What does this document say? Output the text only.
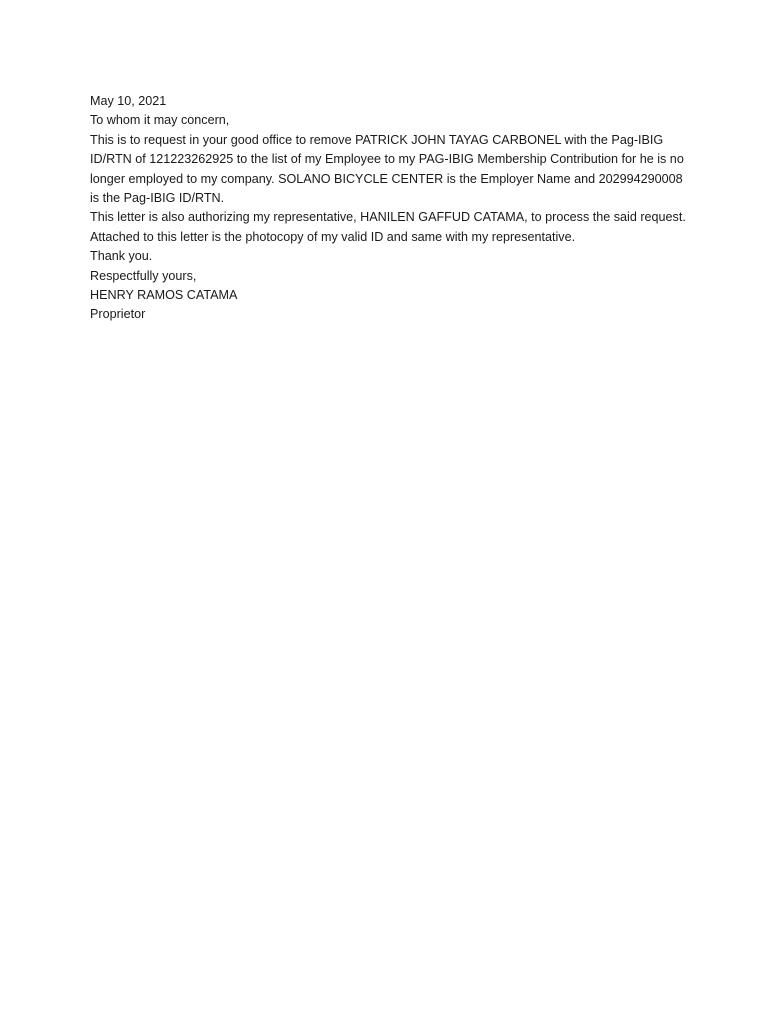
May 10, 2021

To whom it may concern,

This is to request in your good office to remove PATRICK JOHN TAYAG CARBONEL with the Pag-IBIG ID/RTN of 121223262925 to the list of my Employee to my PAG-IBIG Membership Contribution for he is no longer employed to my company. SOLANO BICYCLE CENTER is the Employer Name and 202994290008 is the Pag-IBIG ID/RTN.

This letter is also authorizing my representative, HANILEN GAFFUD CATAMA, to process the said request.

Attached to this letter is the photocopy of my valid ID and same with my representative.

Thank you.

Respectfully yours,

HENRY RAMOS CATAMA

Proprietor
